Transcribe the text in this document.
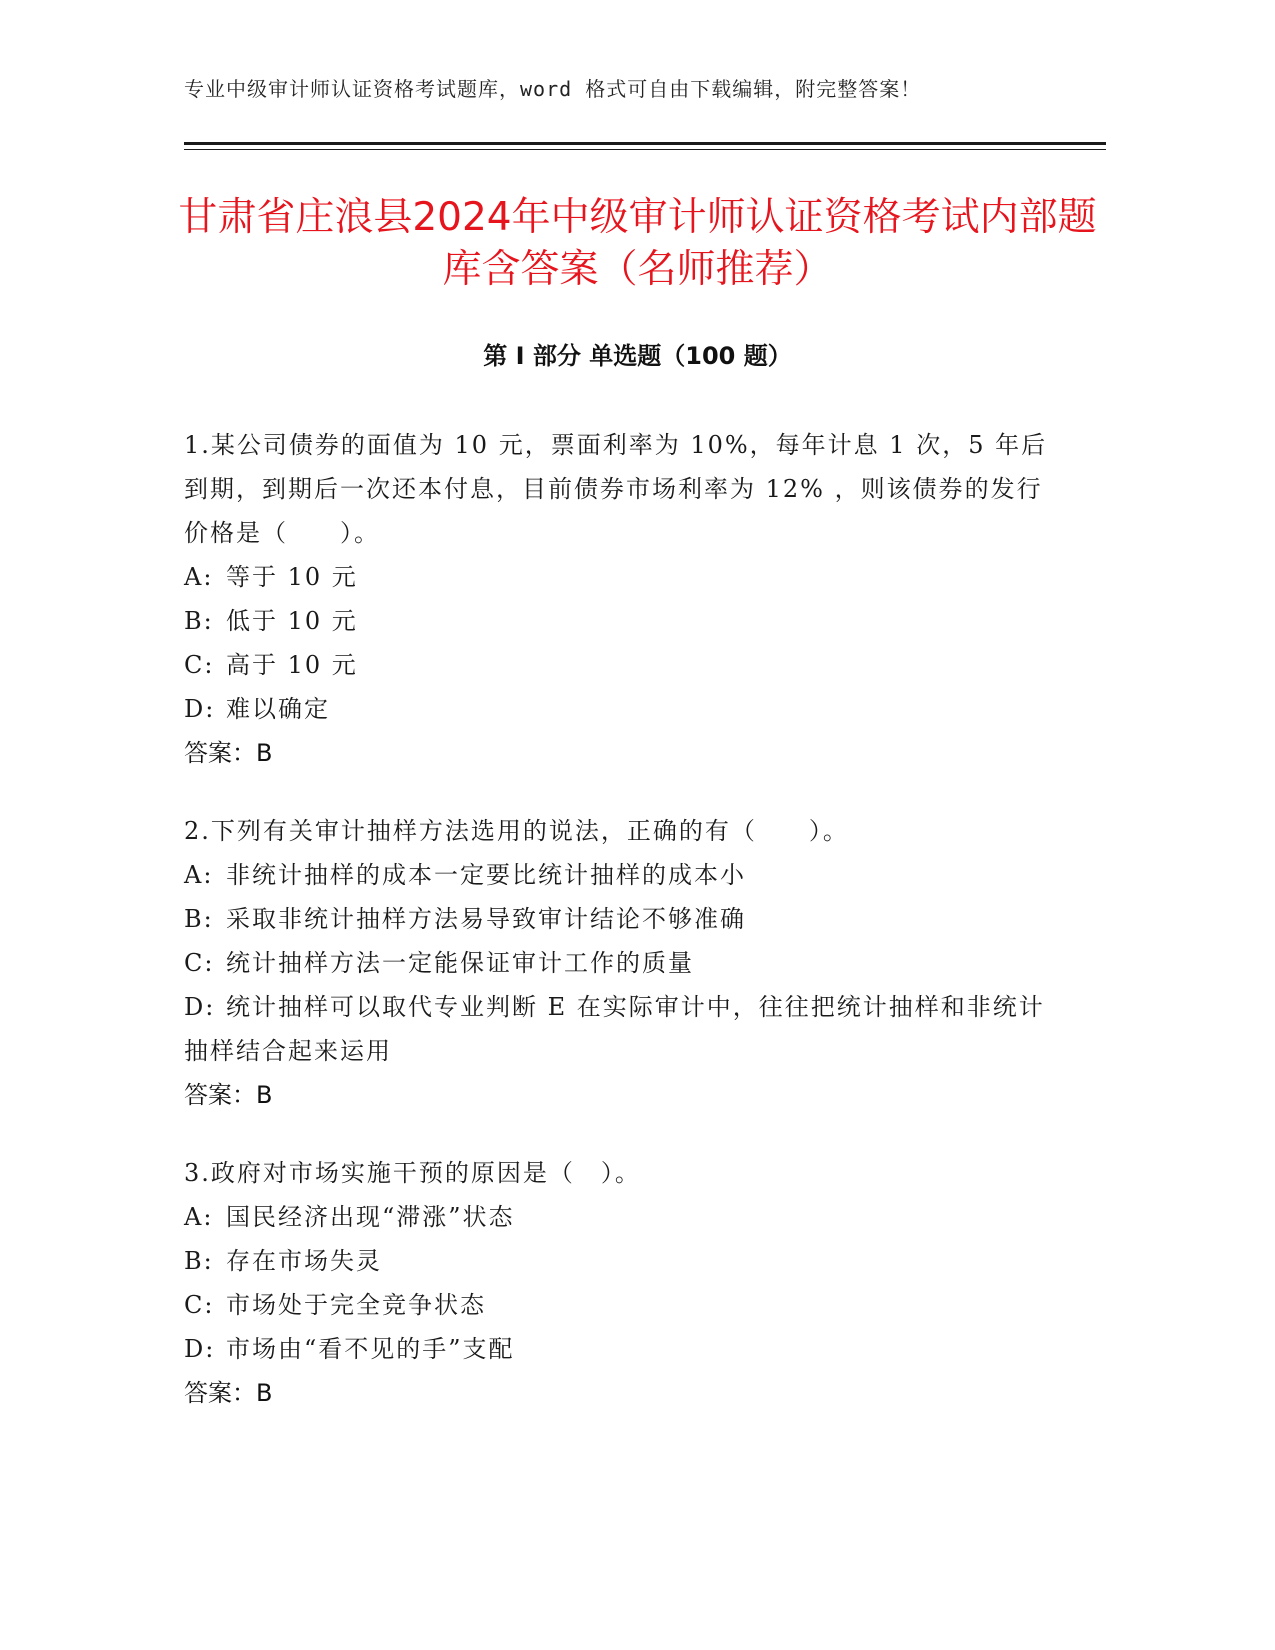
专业中级审计师认证资格考试题库，word 格式可自由下载编辑，附完整答案！
甘肃省庄浪县2024年中级审计师认证资格考试内部题库含答案（名师推荐）
第 I 部分 单选题（100 题）

1.某公司债券的面值为 10 元，票面利率为 10%，每年计息 1 次，5 年后到期，到期后一次还本付息，目前债券市场利率为 12% ，则该债券的发行价格是（　　）。

A: 等于 10 元

B: 低于 10 元

C: 高于 10 元

D: 难以确定

答案：B

2.下列有关审计抽样方法选用的说法，正确的有（　　）。

A: 非统计抽样的成本一定要比统计抽样的成本小

B: 采取非统计抽样方法易导致审计结论不够准确

C: 统计抽样方法一定能保证审计工作的质量

D: 统计抽样可以取代专业判断 E 在实际审计中，往往把统计抽样和非统计抽样结合起来运用

答案：B

3.政府对市场实施干预的原因是（　）。

A: 国民经济出现“滞涨”状态

B: 存在市场失灵

C: 市场处于完全竞争状态

D: 市场由“看不见的手”支配

答案：B
